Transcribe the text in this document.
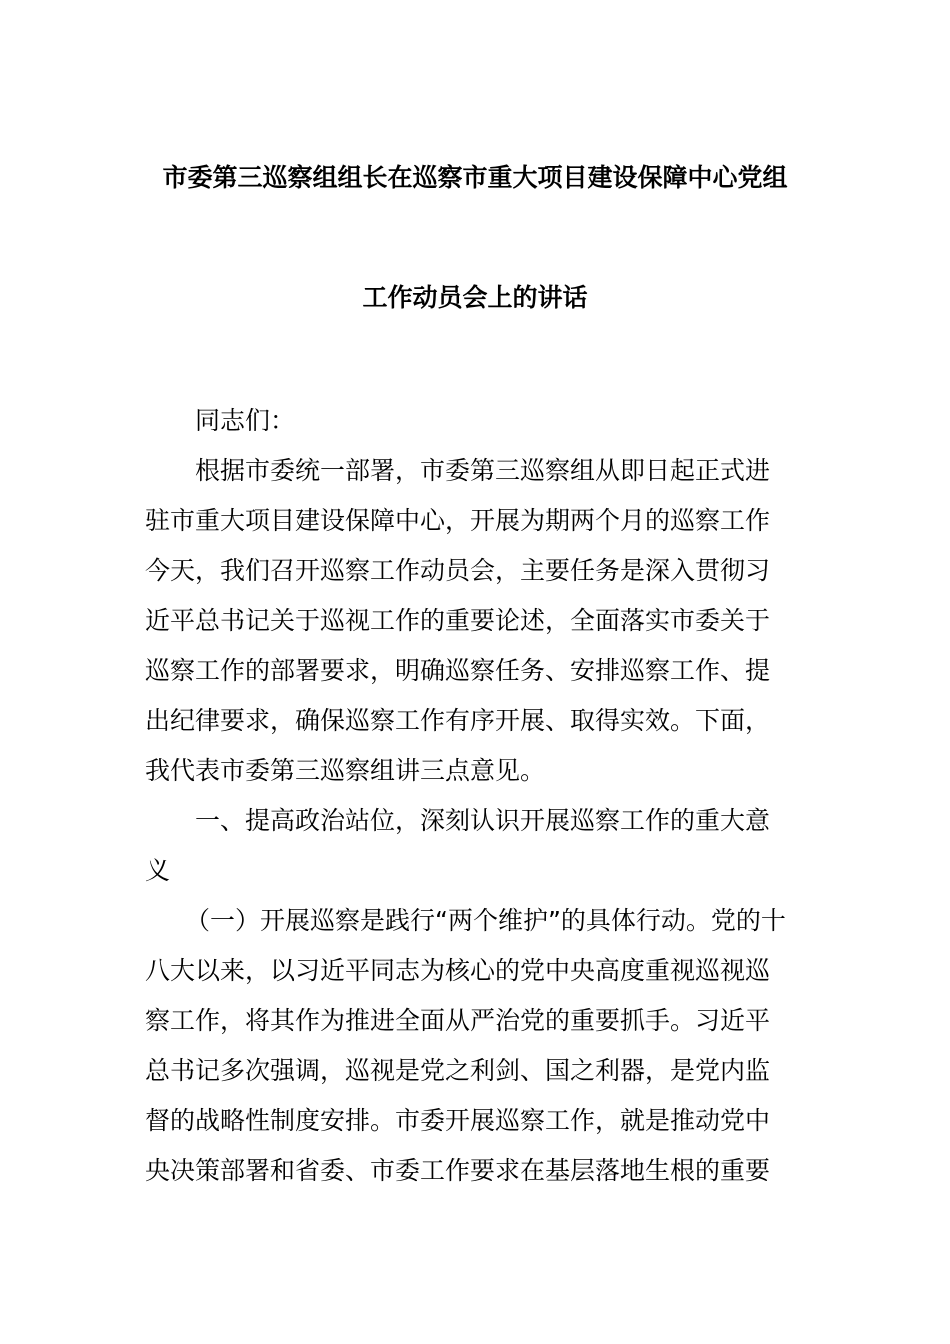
市委第三巡察组组长在巡察市重大项目建设保障中心党组
工作动员会上的讲话

同志们：

根据市委统一部署，市委第三巡察组从即日起正式进

驻市重大项目建设保障中心，开展为期两个月的巡察工作

今天，我们召开巡察工作动员会，主要任务是深入贯彻习

近平总书记关于巡视工作的重要论述，全面落实市委关于

巡察工作的部署要求，明确巡察任务、安排巡察工作、提

出纪律要求，确保巡察工作有序开展、取得实效。下面，

我代表市委第三巡察组讲三点意见。

一、提高政治站位，深刻认识开展巡察工作的重大意

义

（一）开展巡察是践行“两个维护”的具体行动。党的十

八大以来，以习近平同志为核心的党中央高度重视巡视巡

察工作，将其作为推进全面从严治党的重要抓手。习近平

总书记多次强调，巡视是党之利剑、国之利器，是党内监

督的战略性制度安排。市委开展巡察工作，就是推动党中

央决策部署和省委、市委工作要求在基层落地生根的重要
